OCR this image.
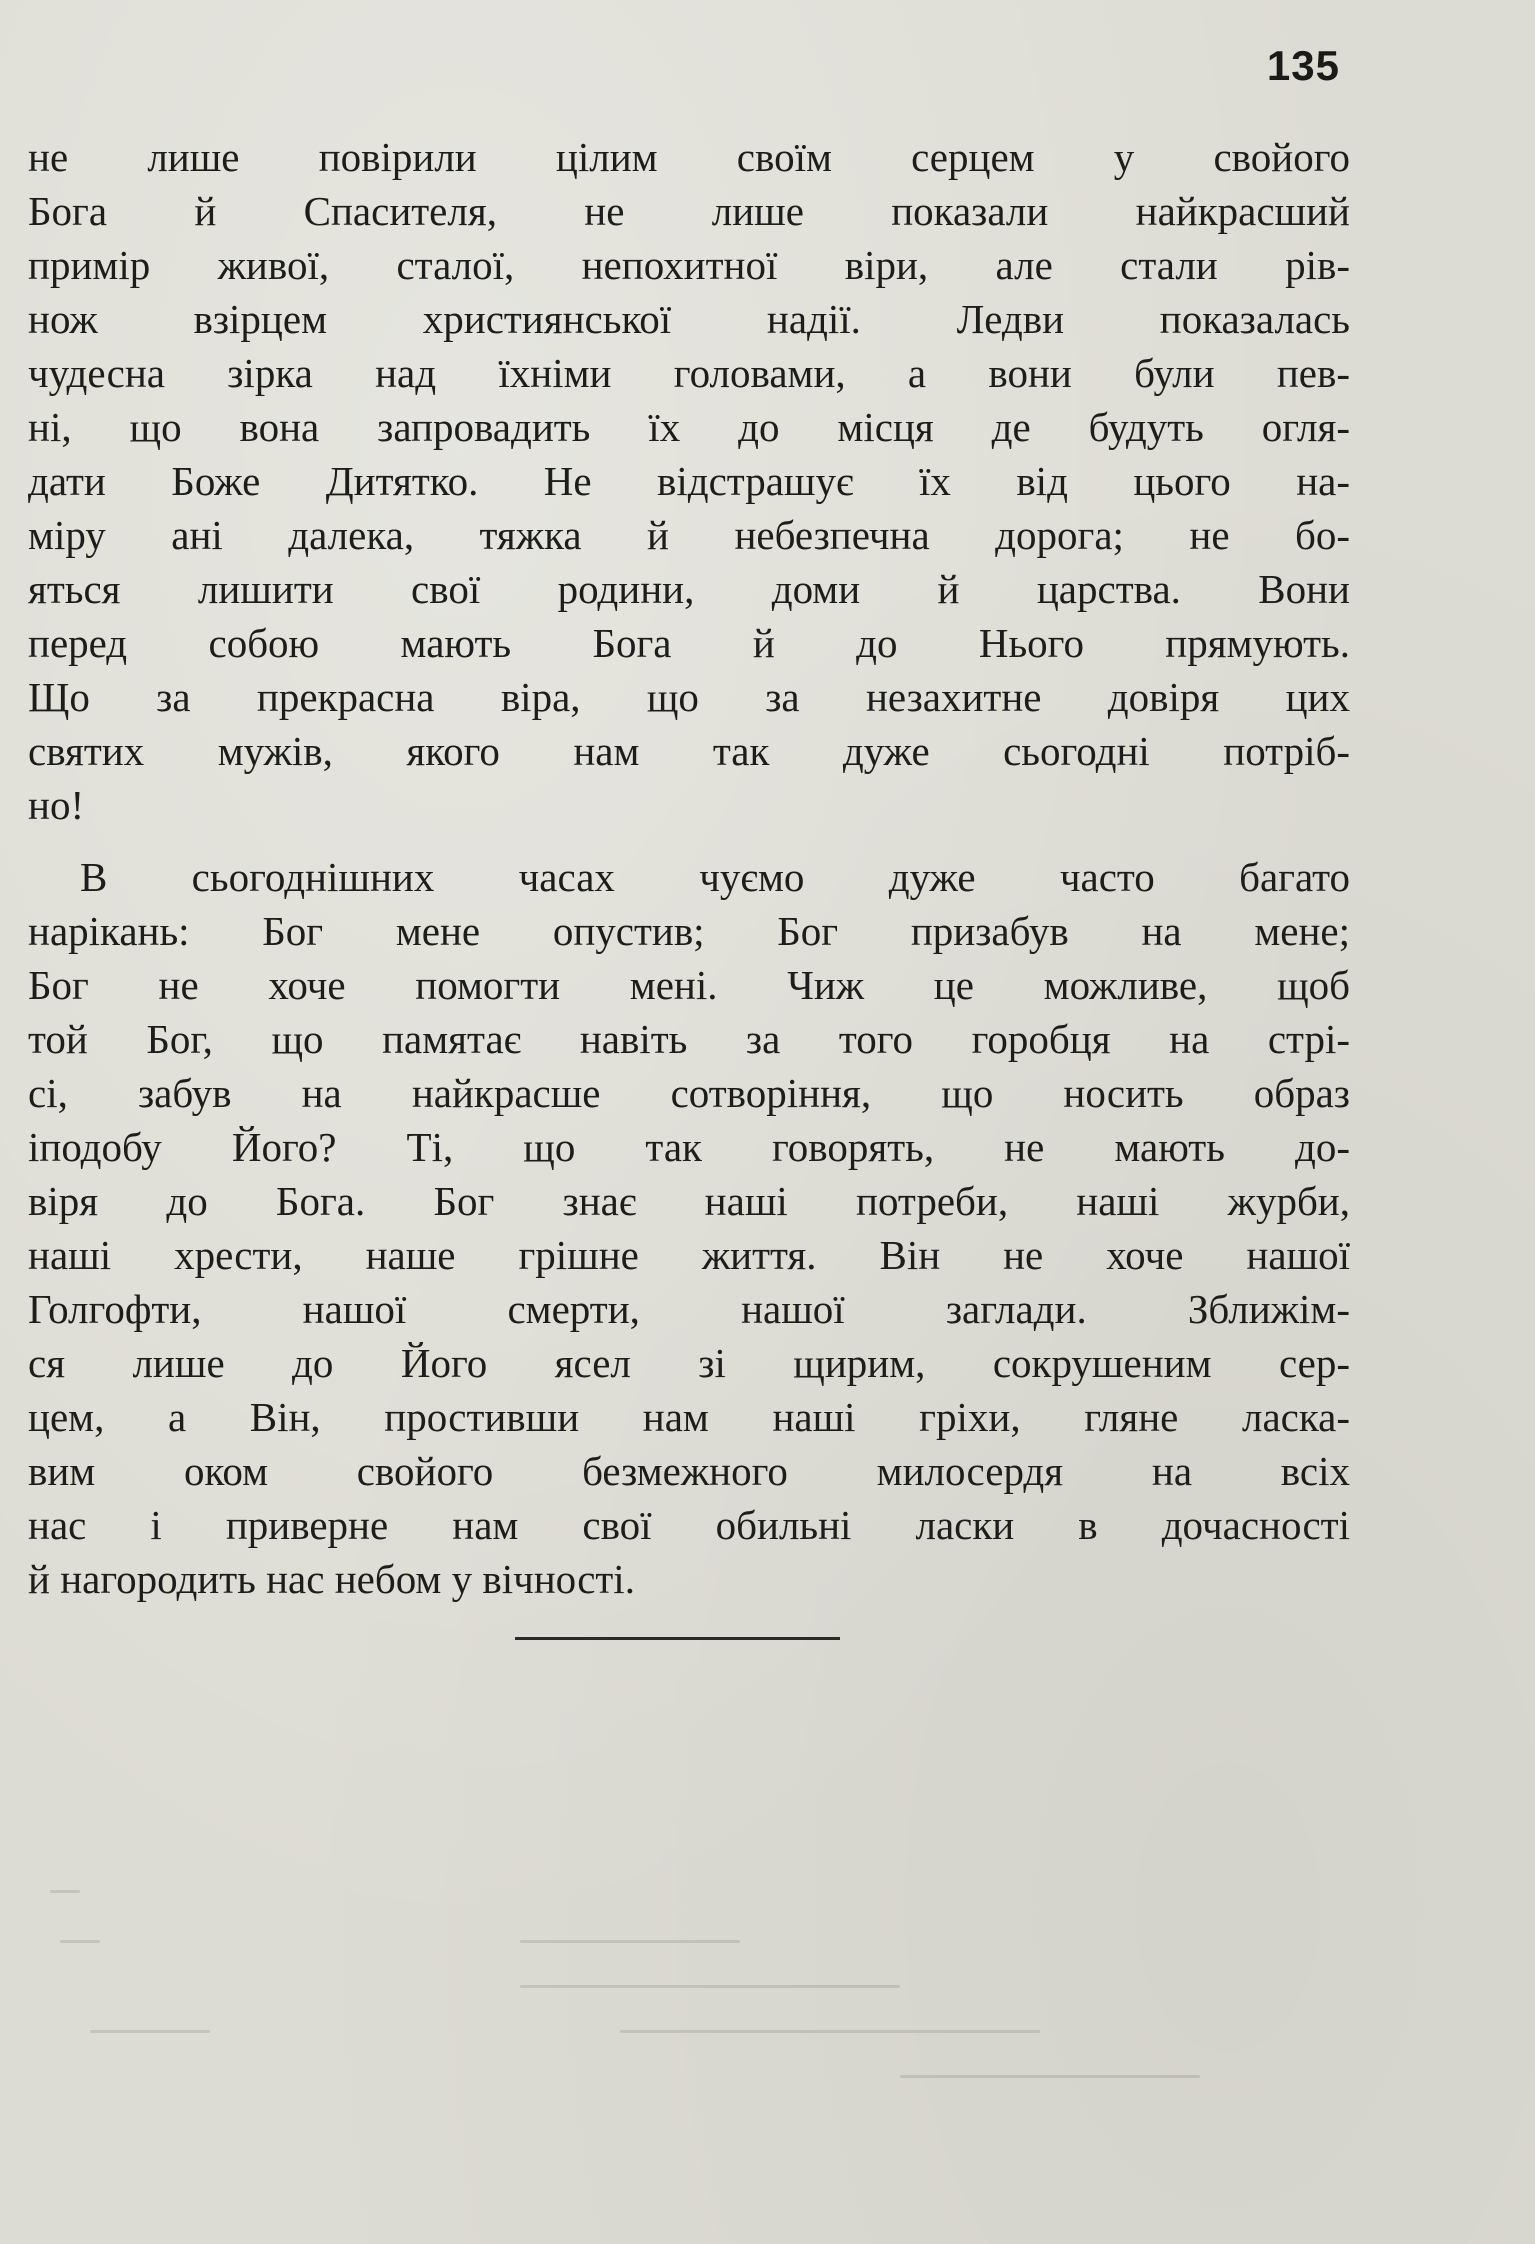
135
не лише повірили цілим своїм серцем у свойого
Бога й Спасителя, не лише показали найкрасший
примір живої, сталої, непохитної віри, але стали рів-
нож взірцем християнської надії. Ледви показалась
чудесна зірка над їхніми головами, а вони були пев-
ні, що вона запровадить їх до місця де будуть огля-
дати Боже Дитятко. Не відстрашує їх від цього на-
міру ані далека, тяжка й небезпечна дорога; не бо-
яться лишити свої родини, доми й царства. Вони
перед собою мають Бога й до Нього прямують.
Що за прекрасна віра, що за незахитне довіря цих
святих мужів, якого нам так дуже сьогодні потріб-
но!
В сьогоднішних часах чуємо дуже часто багато
нарікань: Бог мене опустив; Бог призабув на мене;
Бог не хоче помогти мені. Чиж це можливе, щоб
той Бог, що памятає навіть за того горобця на стрі-
сі, забув на найкрасше сотворіння, що носить образ
іподобу Його? Ті, що так говорять, не мають до-
віря до Бога. Бог знає наші потреби, наші журби,
наші хрести, наше грішне життя. Він не хоче нашої
Голгофти, нашої смерти, нашої заглади. Зближім-
ся лише до Його ясел зі щирим, сокрушеним сер-
цем, а Він, простивши нам наші гріхи, гляне ласка-
вим оком свойого безмежного милосердя на всіх
нас і приверне нам свої обильні ласки в дочасності
й нагородить нас небом у вічності.
